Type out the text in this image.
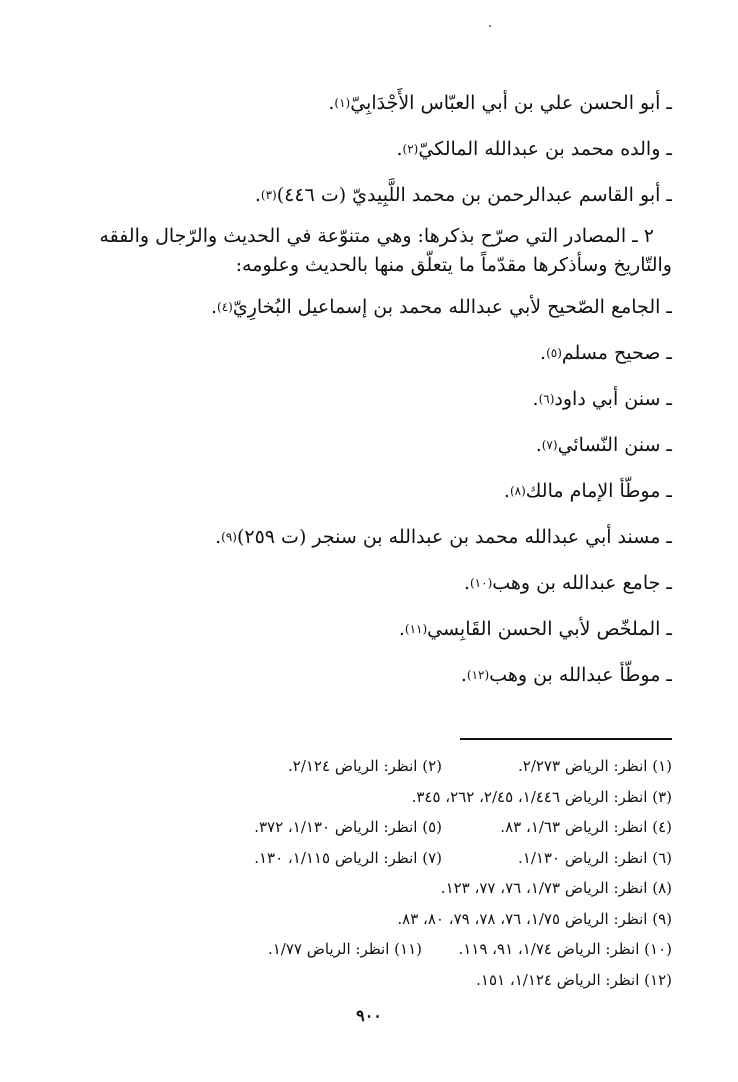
ـ أبو الحسن علي بن أبي العبّاس الأَجْدَابِيّ
(١)
.
ـ والده محمد بن عبدالله المالكيّ
(٢)
.
ـ أبو القاسم عبدالرحمن بن محمد اللَّبِيديّ (ت ٤٤٦)
(٣)
.
٢ ـ المصادر التي صرّح بذكرها: وهي متنوّعة في الحديث والرّجال والفقه
والتّاريخ وسأذكرها مقدّماً ما يتعلّق منها بالحديث وعلومه:
ـ الجامع الصّحيح لأبي عبدالله محمد بن إسماعيل البُخارِيّ
(٤)
.
ـ صحيح مسلم
(٥)
.
ـ سنن أبي داود
(٦)
.
ـ سنن النّسائي
(٧)
.
ـ موطّأ الإمام مالك
(٨)
.
ـ مسند أبي عبدالله محمد بن عبدالله بن سنجر (ت ٢٥٩)
(٩)
.
ـ جامع عبدالله بن وهب
(١٠)
.
ـ الملخّص لأبي الحسن القَابِسي
(١١)
.
ـ موطّأ عبدالله بن وهب
(١٢)
.
(١) انظر: الرياض ٢/٢٧٣.
(٢) انظر: الرياض ٢/١٢٤.
(٣) انظر: الرياض ١/٤٤٦، ٢/٤٥، ٢٦٢، ٣٤٥.
(٤) انظر: الرياض ١/٦٣، ٨٣.
(٥) انظر: الرياض ١/١٣٠، ٣٧٢.
(٦) انظر: الرياض ١/١٣٠.
(٧) انظر: الرياض ١/١١٥، ١٣٠.
(٨) انظر: الرياض ١/٧٣، ٧٦، ٧٧، ١٢٣.
(٩) انظر: الرياض ١/٧٥، ٧٦، ٧٨، ٧٩، ٨٠، ٨٣.
(١٠) انظر: الرياض ١/٧٤، ٩١، ١١٩.
(١١) انظر: الرياض ١/٧٧.
(١٢) انظر: الرياض ١/١٢٤، ١٥١.
٩٠٠
